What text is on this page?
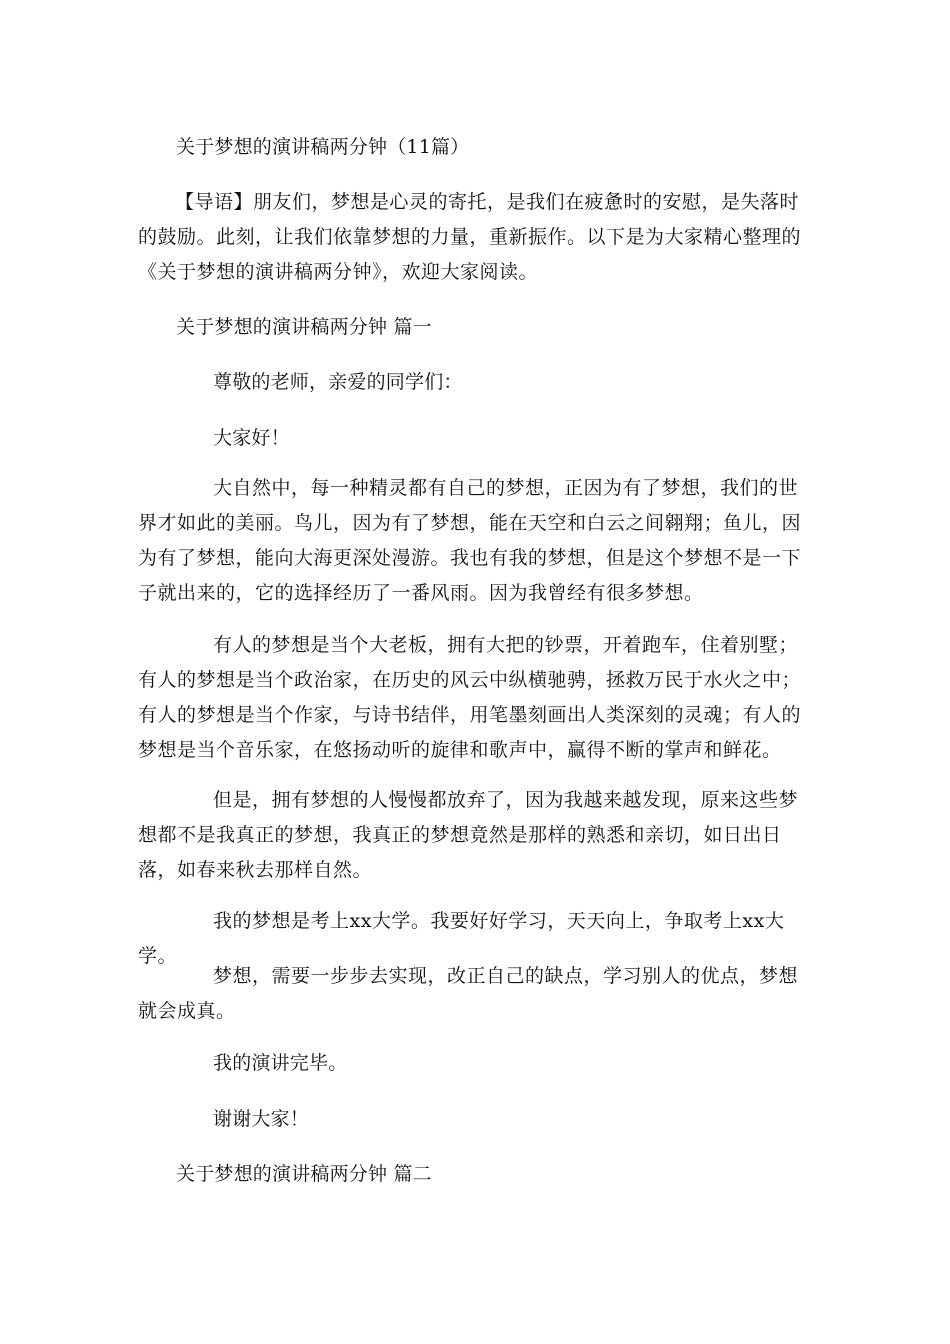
关于梦想的演讲稿两分钟（11篇）
【导语】朋友们，梦想是心灵的寄托，是我们在疲惫时的安慰，是失落时的鼓励。此刻，让我们依靠梦想的力量，重新振作。以下是为大家精心整理的《关于梦想的演讲稿两分钟》，欢迎大家阅读。
关于梦想的演讲稿两分钟 篇一
尊敬的老师，亲爱的同学们：
大家好！
大自然中，每一种精灵都有自己的梦想，正因为有了梦想，我们的世界才如此的美丽。鸟儿，因为有了梦想，能在天空和白云之间翱翔；鱼儿，因为有了梦想，能向大海更深处漫游。我也有我的梦想，但是这个梦想不是一下子就出来的，它的选择经历了一番风雨。因为我曾经有很多梦想。
有人的梦想是当个大老板，拥有大把的钞票，开着跑车，住着别墅；有人的梦想是当个政治家，在历史的风云中纵横驰骋，拯救万民于水火之中；有人的梦想是当个作家，与诗书结伴，用笔墨刻画出人类深刻的灵魂；有人的梦想是当个音乐家，在悠扬动听的旋律和歌声中，赢得不断的掌声和鲜花。
但是，拥有梦想的人慢慢都放弃了，因为我越来越发现，原来这些梦想都不是我真正的梦想，我真正的梦想竟然是那样的熟悉和亲切，如日出日落，如春来秋去那样自然。
我的梦想是考上xx大学。我要好好学习，天天向上，争取考上xx大学。
梦想，需要一步步去实现，改正自己的缺点，学习别人的优点，梦想就会成真。
我的演讲完毕。
谢谢大家！
关于梦想的演讲稿两分钟 篇二
